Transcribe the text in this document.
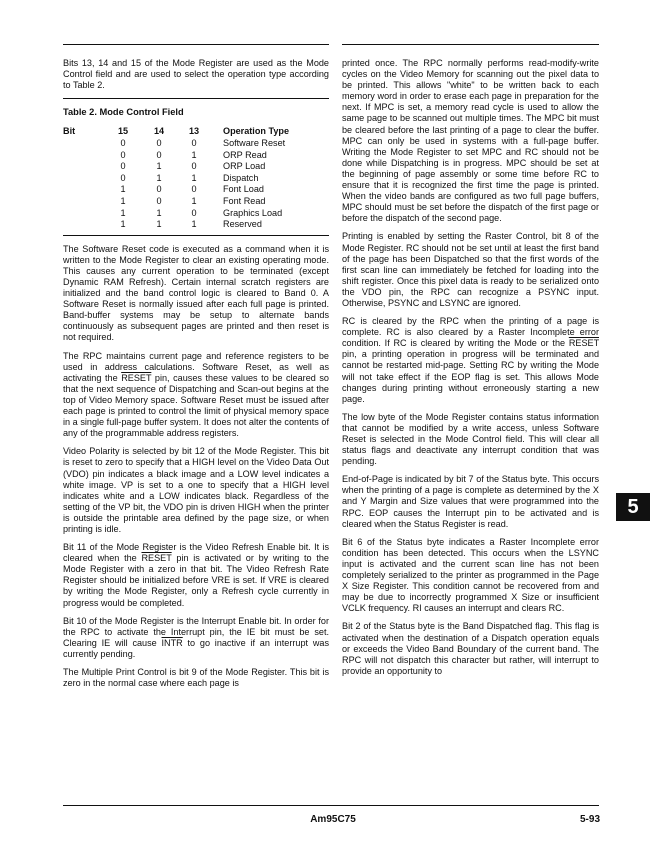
Bits 13, 14 and 15 of the Mode Register are used as the Mode Control field and are used to select the operation type according to Table 2.

Table 2. Mode Control Field
Bit	15	14	13	Operation Type
	0	0	0	Software Reset
	0	0	1	ORP Read
	0	1	0	ORP Load
	0	1	1	Dispatch
	1	0	0	Font Load
	1	0	1	Font Read
	1	1	0	Graphics Load
	1	1	1	Reserved

The Software Reset code is executed as a command when it is written to the Mode Register to clear an existing operating mode. This causes any current operation to be terminated (except Dynamic RAM Refresh). Certain internal scratch registers are initialized and the band control logic is cleared to Band 0. A Software Reset is normally issued after each full page is printed. Band-buffer systems may be setup to alternate bands continuously as subsequent pages are printed and then reset is not required.

The RPC maintains current page and reference registers to be used in address calculations. Software Reset, as well as activating the RESET pin, causes these values to be cleared so that the next sequence of Dispatching and Scan-out begins at the top of Video Memory space. Software Reset must be issued after each page is printed to control the limit of physical memory space in a single full-page buffer system. It does not alter the contents of any of the programmable address registers.

Video Polarity is selected by bit 12 of the Mode Register. This bit is reset to zero to specify that a HIGH level on the Video Data Out (VDO) pin indicates a black image and a LOW level indicates a white image. VP is set to a one to specify that a HIGH level indicates white and a LOW indicates black. Regardless of the setting of the VP bit, the VDO pin is driven HIGH when the printer is outside the printable area defined by the page size, or when printing is idle.

Bit 11 of the Mode Register is the Video Refresh Enable bit. It is cleared when the RESET pin is activated or by writing to the Mode Register with a zero in that bit. The Video Refresh Rate Register should be initialized before VRE is set. If VRE is cleared by writing the Mode Register, only a Refresh cycle currently in progress would be completed.

Bit 10 of the Mode Register is the Interrupt Enable bit. In order for the RPC to activate the Interrupt pin, the IE bit must be set. Clearing IE will cause INTR to go inactive if an interrupt was currently pending.

The Multiple Print Control is bit 9 of the Mode Register. This bit is zero in the normal case where each page is

printed once. The RPC normally performs read-modify-write cycles on the Video Memory for scanning out the pixel data to be printed. This allows "white" to be written back to each memory word in order to erase each page in preparation for the next. If MPC is set, a memory read cycle is used to allow the same page to be scanned out multiple times. The MPC bit must be cleared before the last printing of a page to clear the buffer. MPC can only be used in systems with a full-page buffer. Writing the Mode Register to set MPC and RC should not be done while Dispatching is in progress. MPC should be set at the beginning of page assembly or some time before RC to ensure that it is recognized the first time the page is printed. When the video bands are configured as two full page buffers, MPC should must be set before the dispatch of the first page or before the dispatch of the second page.

Printing is enabled by setting the Raster Control, bit 8 of the Mode Register. RC should not be set until at least the first band of the page has been Dispatched so that the first words of the first scan line can immediately be fetched for loading into the shift register. Once this pixel data is ready to be serialized onto the VDO pin, the RPC can recognize a PSYNC input. Otherwise, PSYNC and LSYNC are ignored.

RC is cleared by the RPC when the printing of a page is complete. RC is also cleared by a Raster Incomplete error condition. If RC is cleared by writing the Mode or the RESET pin, a printing operation in progress will be terminated and cannot be restarted mid-page. Setting RC by writing the Mode will not take effect if the EOP flag is set. This allows Mode changes during printing without erroneously starting a new page.

The low byte of the Mode Register contains status information that cannot be modified by a write access, unless Software Reset is selected in the Mode Control field. This will clear all status flags and deactivate any interrupt condition that was pending.

End-of-Page is indicated by bit 7 of the Status byte. This occurs when the printing of a page is complete as determined by the X and Y Margin and Size values that were programmed into the RPC. EOP causes the Interrupt pin to be activated and is cleared when the Status Register is read.

Bit 6 of the Status byte indicates a Raster Incomplete error condition has been detected. This occurs when the LSYNC input is activated and the current scan line has not been completely serialized to the printer as programmed in the Page X Size Register. This condition cannot be recovered from and may be due to incorrectly programmed X Size or insufficient VCLK frequency. RI causes an interrupt and clears RC.

Bit 2 of the Status byte is the Band Dispatched flag. This flag is activated when the destination of a Dispatch operation equals or exceeds the Video Band Boundary of the current band. The RPC will not dispatch this character but rather, will interrupt to provide an opportunity to

5
Am95C75	5-93
